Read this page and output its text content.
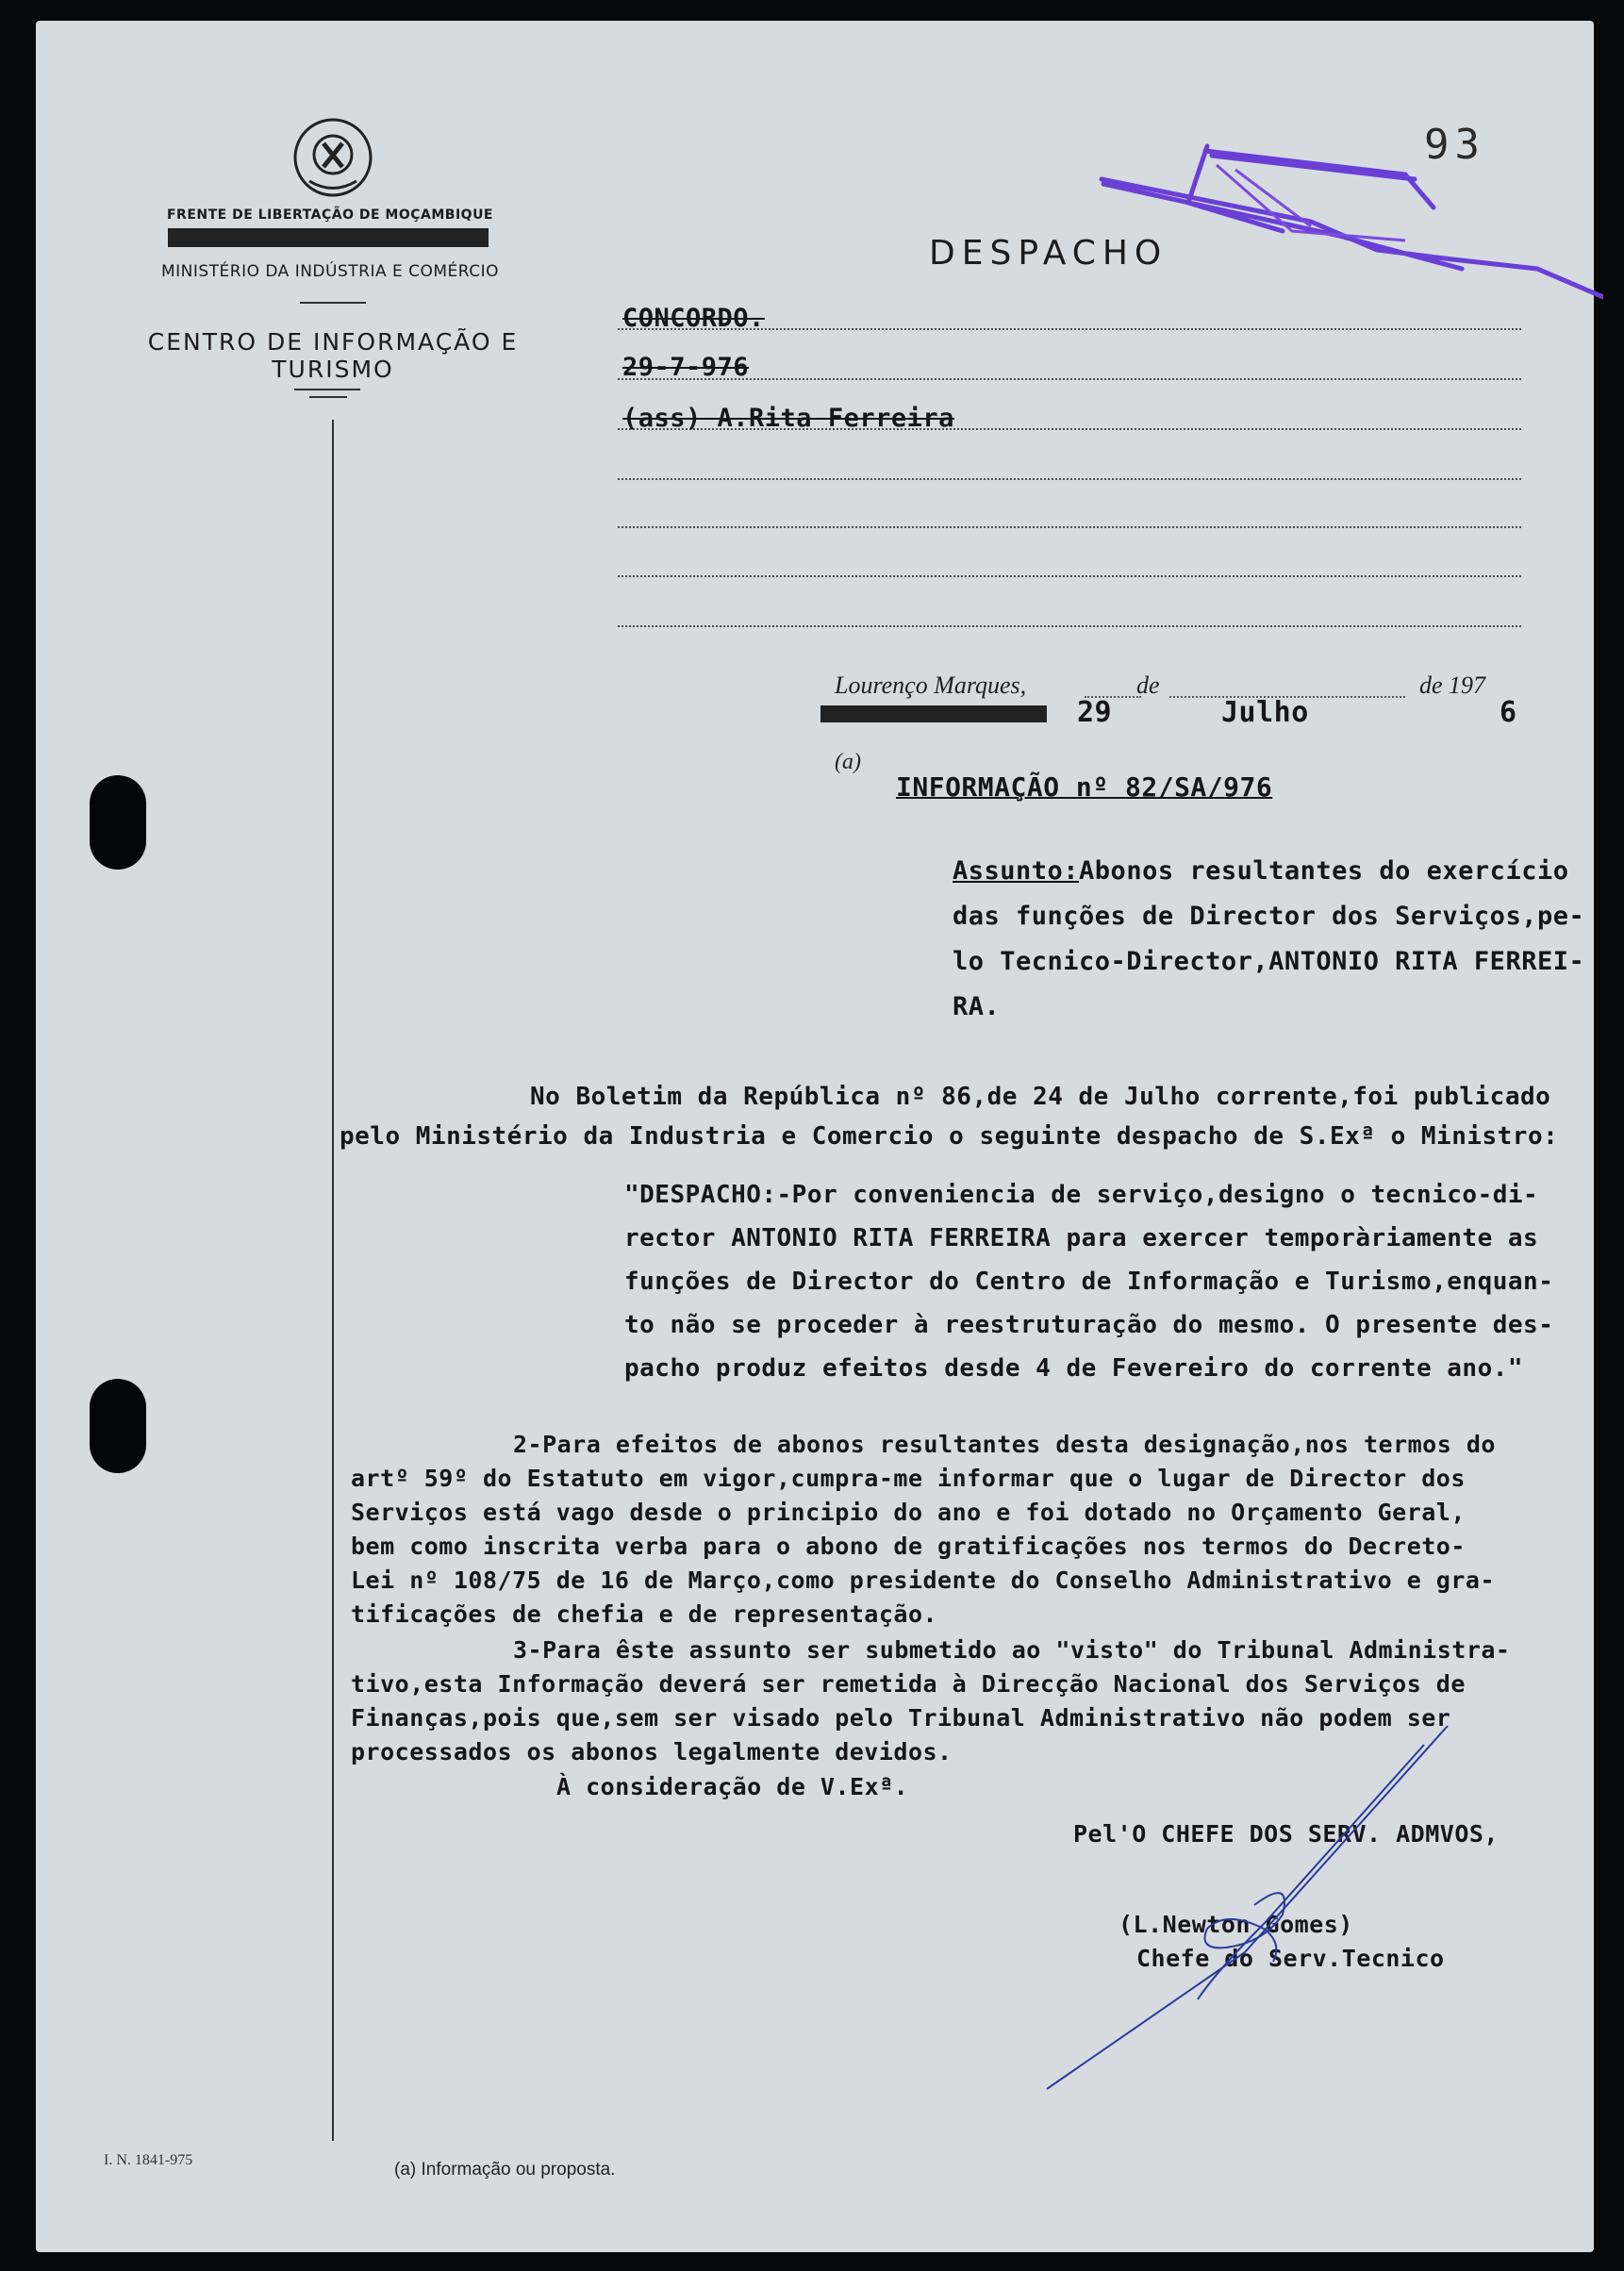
93
FRENTE DE LIBERTAÇÃO DE MOÇAMBIQUE
MINISTÉRIO DA INDÚSTRIA E COMÉRCIO
CENTRO DE INFORMAÇÃO E TURISMO
DESPACHO
CONCORDO.
29-7-976
(ass) A.Rita Ferreira
Lourenço Marques,	de	de 197
29	Julho	6
(a)
INFORMAÇÃO nº 82/SA/976
Assunto:Abonos resultantes do exercício
das funções de Director dos Serviços,pe-
lo Tecnico-Director,ANTONIO RITA FERREI-
RA.
No Boletim da República nº 86,de 24 de Julho corrente,foi publicado
pelo Ministério da Industria e Comercio o seguinte despacho de S.Exª o Ministro:
"DESPACHO:-Por conveniencia de serviço,designo o tecnico-di-
rector ANTONIO RITA FERREIRA para exercer temporàriamente as
funções de Director do Centro de Informação e Turismo,enquan-
to não se proceder à reestruturação do mesmo. O presente des-
pacho produz efeitos desde 4 de Fevereiro do corrente ano."
2-Para efeitos de abonos resultantes desta designação,nos termos do
artº 59º do Estatuto em vigor,cumpra-me informar que o lugar de Director dos
Serviços está vago desde o principio do ano e foi dotado no Orçamento Geral,
bem como inscrita verba para o abono de gratificações nos termos do Decreto-
Lei nº 108/75 de 16 de Março,como presidente do Conselho Administrativo e gra-
tificações de chefia e de representação.
3-Para êste assunto ser submetido ao "visto" do Tribunal Administra-
tivo,esta Informação deverá ser remetida à Direcção Nacional dos Serviços de
Finanças,pois que,sem ser visado pelo Tribunal Administrativo não podem ser
processados os abonos legalmente devidos.
À consideração de V.Exª.
Pel'O CHEFE DOS SERV. ADMVOS,
(L.Newton Gomes)
Chefe do Serv.Tecnico
I. N. 1841-975	(a) Informação ou proposta.
